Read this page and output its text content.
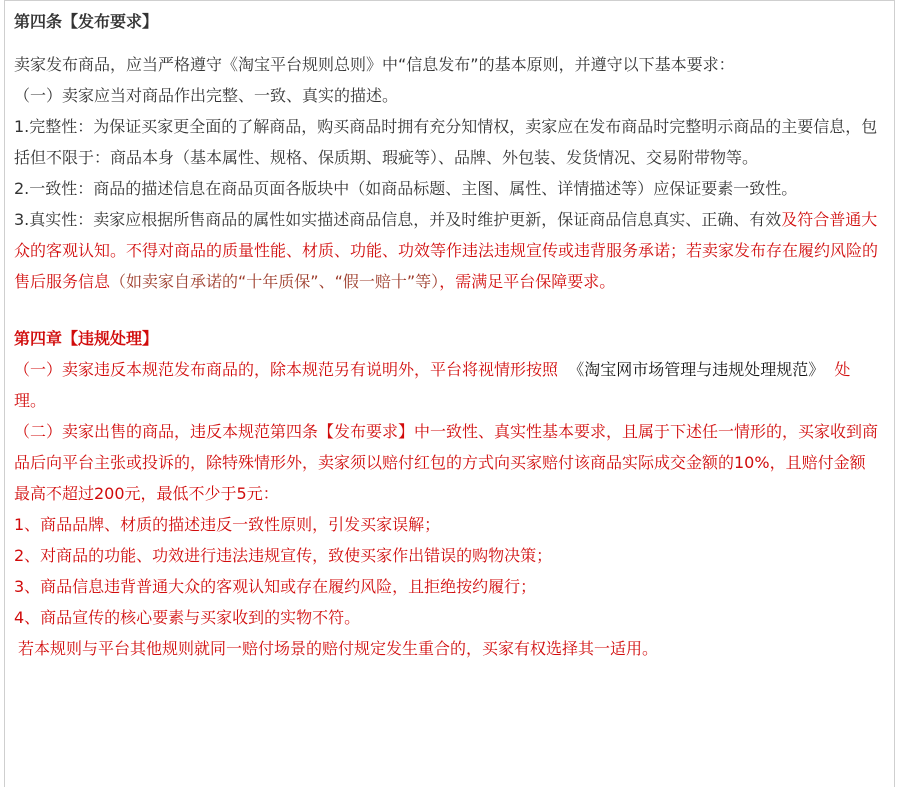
第四条【发布要求】

卖家发布商品，应当严格遵守《淘宝平台规则总则》中“信息发布”的基本原则，并遵守以下基本要求：

（一）卖家应当对商品作出完整、一致、真实的描述。

1.完整性：为保证买家更全面的了解商品，购买商品时拥有充分知情权，卖家应在发布商品时完整明示商品的主要信息，包括但不限于：商品本身（基本属性、规格、保质期、瑕疵等）、品牌、外包装、发货情况、交易附带物等。

2.一致性：商品的描述信息在商品页面各版块中（如商品标题、主图、属性、详情描述等）应保证要素一致性。

3.真实性：卖家应根据所售商品的属性如实描述商品信息，并及时维护更新，保证商品信息真实、正确、有效及符合普通大众的客观认知。不得对商品的质量性能、材质、功能、功效等作违法违规宣传或违背服务承诺；若卖家发布存在履约风险的售后服务信息（如卖家自承诺的“十年质保”、“假一赔十”等），需满足平台保障要求。

第四章【违规处理】

（一）卖家违反本规范发布商品的，除本规范另有说明外，平台将视情形按照 《淘宝网市场管理与违规处理规范》 处理。

（二）卖家出售的商品，违反本规范第四条【发布要求】中一致性、真实性基本要求，且属于下述任一情形的，买家收到商品后向平台主张或投诉的，除特殊情形外，卖家须以赔付红包的方式向买家赔付该商品实际成交金额的10%，且赔付金额最高不超过200元，最低不少于5元：

1、商品品牌、材质的描述违反一致性原则，引发买家误解；

2、对商品的功能、功效进行违法违规宣传，致使买家作出错误的购物决策；

3、商品信息违背普通大众的客观认知或存在履约风险，且拒绝按约履行；

4、商品宣传的核心要素与买家收到的实物不符。

若本规则与平台其他规则就同一赔付场景的赔付规定发生重合的，买家有权选择其一适用。
